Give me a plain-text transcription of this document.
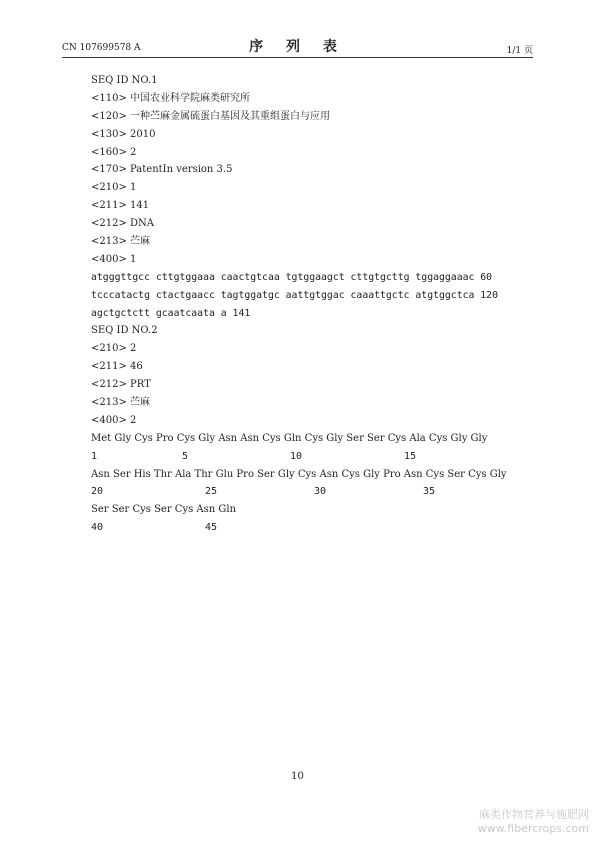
CN 107699578 A	序 列 表	1/1 页
SEQ ID NO.1
<110> 中国农业科学院麻类研究所
<120> 一种苎麻金属硫蛋白基因及其重组蛋白与应用
<130> 2010
<160> 2
<170> PatentIn version 3.5
<210> 1
<211> 141
<212> DNA
<213> 苎麻
<400> 1
atgggttgcc cttgtggaaa caactgtcaa tgtggaagct cttgtgcttg tggaggaaac 60
tcccatactg ctactgaacc tagtggatgc aattgtggac caaattgctc atgtggctca 120
agctgctctt gcaatcaata a 141
SEQ ID NO.2
<210> 2
<211> 46
<212> PRT
<213> 苎麻
<400> 2
Met Gly Cys Pro Cys Gly Asn Asn Cys Gln Cys Gly Ser Ser Cys Ala Cys Gly Gly
1	5	10	15
Asn Ser His Thr Ala Thr Glu Pro Ser Gly Cys Asn Cys Gly Pro Asn Cys Ser Cys Gly
20	25	30	35
Ser Ser Cys Ser Cys Asn Gln
40	45
10
麻类作物营养与施肥网
www.fibercrops.com
